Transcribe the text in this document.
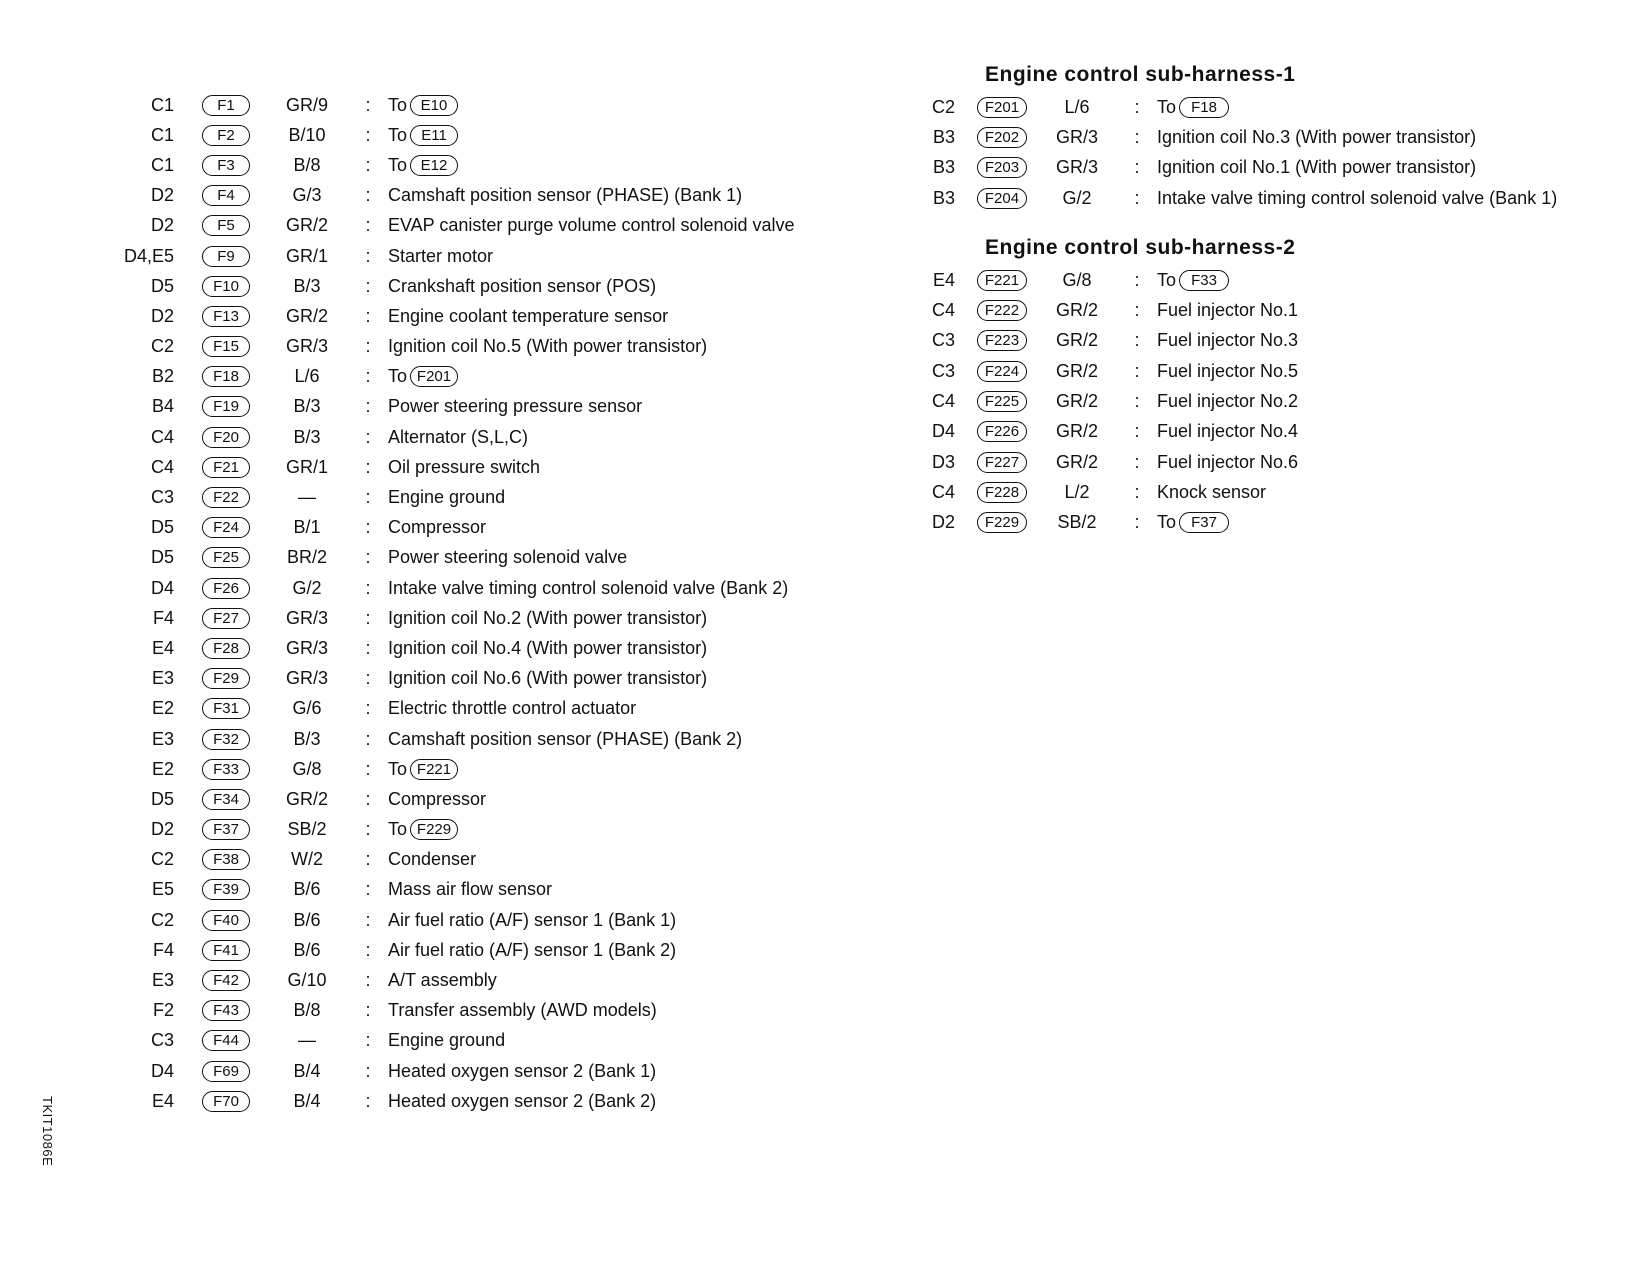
C1	F1	GR/9	: To E10
C1	F2	B/10	: To E11
C1	F3	B/8	: To E12
D2	F4	G/3	: Camshaft position sensor (PHASE) (Bank 1)
D2	F5	GR/2	: EVAP canister purge volume control solenoid valve
D4,E5	F9	GR/1	: Starter motor
D5	F10	B/3	: Crankshaft position sensor (POS)
D2	F13	GR/2	: Engine coolant temperature sensor
C2	F15	GR/3	: Ignition coil No.5 (With power transistor)
B2	F18	L/6	: To F201
B4	F19	B/3	: Power steering pressure sensor
C4	F20	B/3	: Alternator (S,L,C)
C4	F21	GR/1	: Oil pressure switch
C3	F22	—	: Engine ground
D5	F24	B/1	: Compressor
D5	F25	BR/2	: Power steering solenoid valve
D4	F26	G/2	: Intake valve timing control solenoid valve (Bank 2)
F4	F27	GR/3	: Ignition coil No.2 (With power transistor)
E4	F28	GR/3	: Ignition coil No.4 (With power transistor)
E3	F29	GR/3	: Ignition coil No.6 (With power transistor)
E2	F31	G/6	: Electric throttle control actuator
E3	F32	B/3	: Camshaft position sensor (PHASE) (Bank 2)
E2	F33	G/8	: To F221
D5	F34	GR/2	: Compressor
D2	F37	SB/2	: To F229
C2	F38	W/2	: Condenser
E5	F39	B/6	: Mass air flow sensor
C2	F40	B/6	: Air fuel ratio (A/F) sensor 1 (Bank 1)
F4	F41	B/6	: Air fuel ratio (A/F) sensor 1 (Bank 2)
E3	F42	G/10	: A/T assembly
F2	F43	B/8	: Transfer assembly (AWD models)
C3	F44	—	: Engine ground
D4	F69	B/4	: Heated oxygen sensor 2 (Bank 1)
E4	F70	B/4	: Heated oxygen sensor 2 (Bank 2)
Engine control sub-harness-1
C2	F201	L/6	: To	F18
B3	F202	GR/3	: Ignition coil No.3 (With power transistor)
B3	F203	GR/3	: Ignition coil No.1 (With power transistor)
B3	F204	G/2	: Intake valve timing control solenoid valve (Bank 1)
Engine control sub-harness-2
E4	F221	G/8	: To	F33
C4	F222	GR/2	: Fuel injector No.1
C3	F223	GR/2	: Fuel injector No.3
C3	F224	GR/2	: Fuel injector No.5
C4	F225	GR/2	: Fuel injector No.2
D4	F226	GR/2	: Fuel injector No.4
D3	F227	GR/2	: Fuel injector No.6
C4	F228	L/2	: Knock sensor
D2	F229	SB/2	: To	F37
TKIT1086E
